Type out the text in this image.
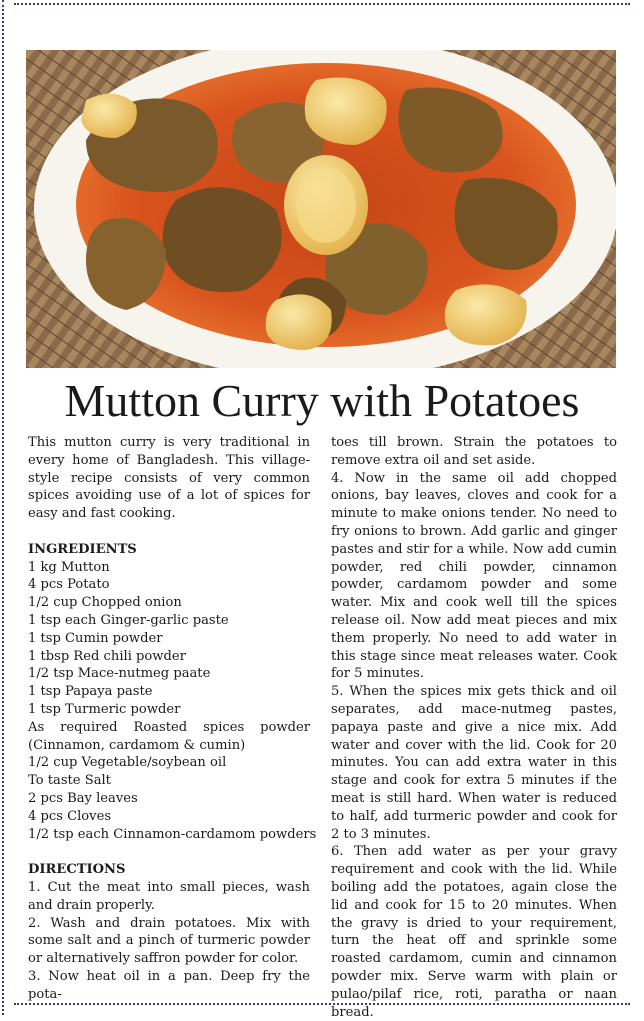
Mutton Curry with Potatoes

This mutton curry is very traditional in every home of Bangladesh. This village-style recipe consists of very common spices avoiding use of a lot of spices for easy and fast cooking.

INGREDIENTS

1 kg Mutton
4 pcs Potato
1/2 cup Chopped onion
1 tsp each Ginger-garlic paste
1 tsp Cumin powder
1 tbsp Red chili powder
1/2 tsp Mace-nutmeg paate
1 tsp Papaya paste
1 tsp Turmeric powder
As required Roasted spices powder
(Cinnamon, cardamom & cumin)
1/2 cup Vegetable/soybean oil
To taste Salt
2 pcs Bay leaves
4 pcs Cloves
1/2 tsp each Cinnamon-cardamom powders

DIRECTIONS

1. Cut the meat into small pieces, wash and drain properly.

2. Wash and drain potatoes. Mix with some salt and a pinch of turmeric powder or alternatively saffron powder for color.

3. Now heat oil in a pan. Deep fry the pota-

toes till brown. Strain the potatoes to remove extra oil and set aside.

4. Now in the same oil add chopped onions, bay leaves, cloves and cook for a minute to make onions tender. No need to fry onions to brown. Add garlic and ginger pastes and stir for a while. Now add cumin powder, red chili powder, cinnamon powder, cardamom powder and some water. Mix and cook well till the spices release oil. Now add meat pieces and mix them properly. No need to add water in this stage since meat releases water. Cook for 5 minutes.

5. When the spices mix gets thick and oil separates, add mace-nutmeg pastes, papaya paste and give a nice mix. Add water and cover with the lid. Cook for 20 minutes. You can add extra water in this stage and cook for extra 5 minutes if the meat is still hard. When water is reduced to half, add turmeric powder and cook for 2 to 3 minutes.

6. Then add water as per your gravy requirement and cook with the lid. While boiling add the potatoes, again close the lid and cook for 15 to 20 minutes. When the gravy is dried to your requirement, turn the heat off and sprinkle some roasted cardamom, cumin and cinnamon powder mix. Serve warm with plain or pulao/pilaf rice, roti, paratha or naan bread.
